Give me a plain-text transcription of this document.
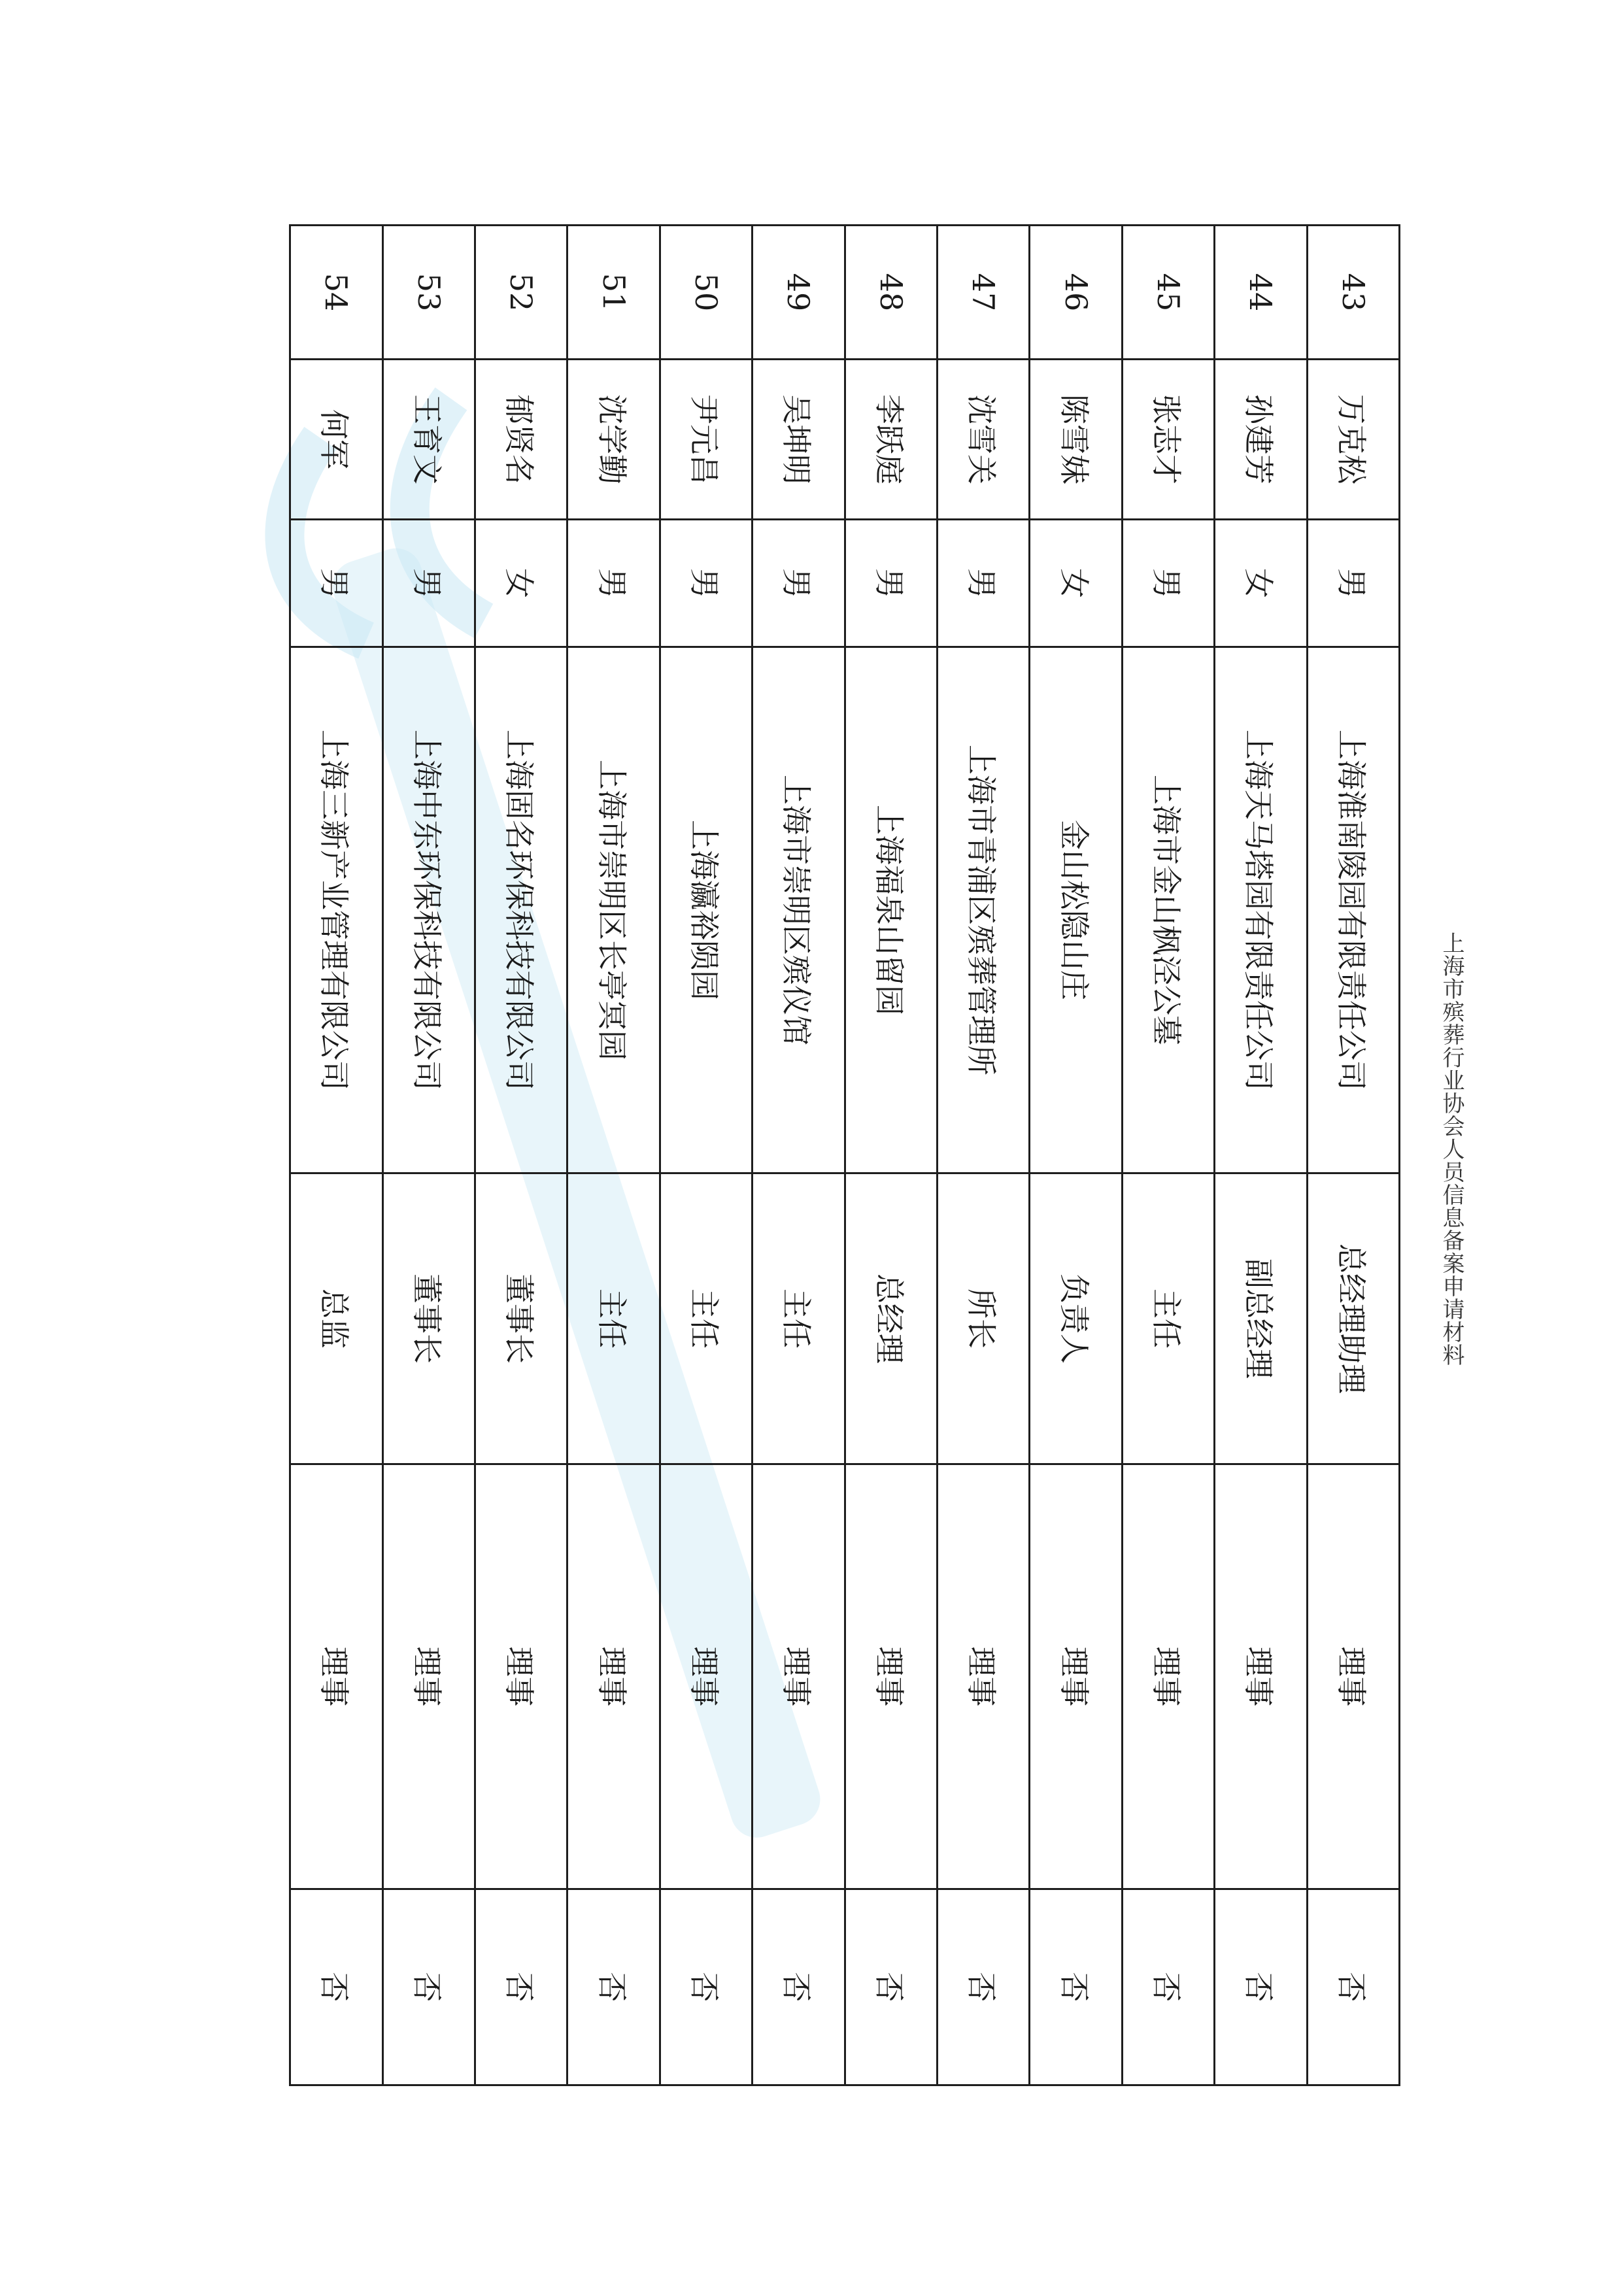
上海市殡葬行业协会人员信息备案申请材料
43	万克松	男	上海淮南陵园有限责任公司	总经理助理	理事	否
44	孙建芳	女	上海天马塔园有限责任公司	副总经理	理事	否
45	张志才	男	上海市金山枫泾公墓	主任	理事	否
46	陈雪妹	女	金山松隐山庄	负责人	理事	否
47	沈雪关	男	上海市青浦区殡葬管理所	所长	理事	否
48	李跃庭	男	上海福泉山留园	总经理	理事	否
49	吴坤明	男	上海市崇明区殡仪馆	主任	理事	否
50	尹元昌	男	上海瀛裕陨园	主任	理事	否
51	沈学勤	男	上海市崇明区长亭冥园	主任	理事	否
52	郁贤名	女	上海固名环保科技有限公司	董事长	理事	否
53	王育文	男	上海中东环保科技有限公司	董事长	理事	否
54	何军	男	上海三新产业管理有限公司	总监	理事	否
